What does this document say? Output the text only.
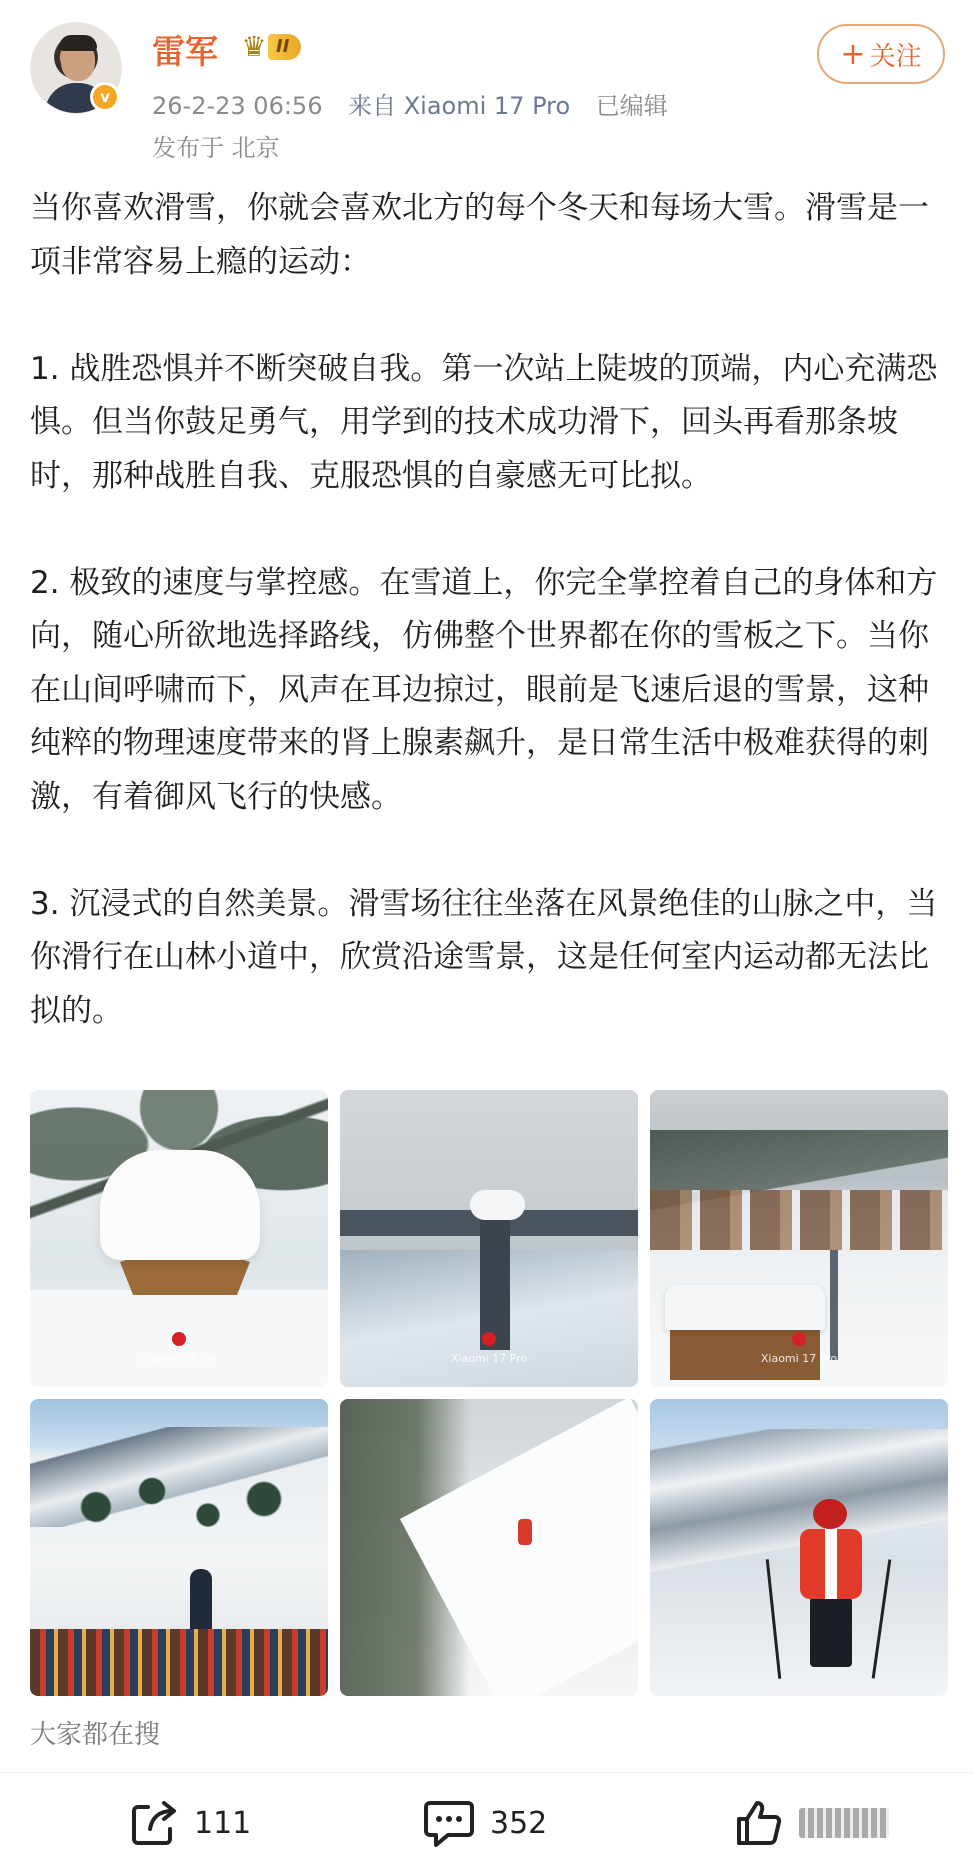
v
雷军 ♛ II
26-2-23 06:56 来自 Xiaomi 17 Pro 已编辑
发布于 北京
+ 关注

当你喜欢滑雪，你就会喜欢北方的每个冬天和每场大雪。滑雪是一项非常容易上瘾的运动：

1. 战胜恐惧并不断突破自我。第一次站上陡坡的顶端，内心充满恐惧。但当你鼓足勇气，用学到的技术成功滑下，回头再看那条坡时，那种战胜自我、克服恐惧的自豪感无可比拟。

2. 极致的速度与掌控感。在雪道上，你完全掌控着自己的身体和方向，随心所欲地选择路线，仿佛整个世界都在你的雪板之下。当你在山间呼啸而下，风声在耳边掠过，眼前是飞速后退的雪景，这种纯粹的物理速度带来的肾上腺素飙升，是日常生活中极难获得的刺激，有着御风飞行的快感。

3. 沉浸式的自然美景。滑雪场往往坐落在风景绝佳的山脉之中，当你滑行在山林小道中，欣赏沿途雪景，这是任何室内运动都无法比拟的。

Xiaomi 17 Pro	Xiaomi 17 Pro	Xiaomi 17 Pro
大家都在搜
111	352
